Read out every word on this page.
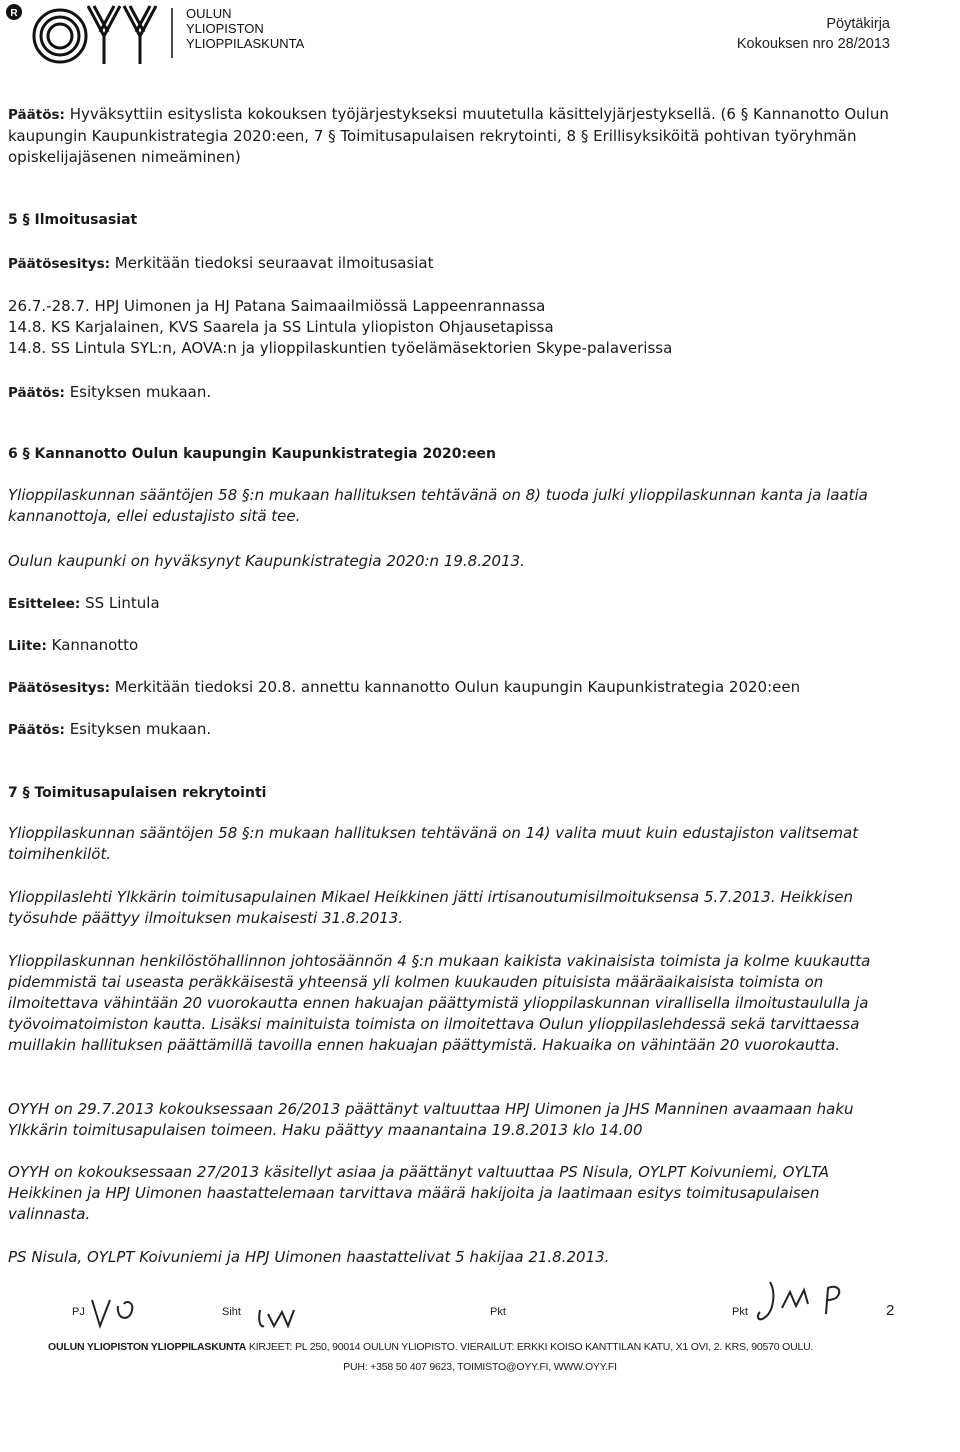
R	OULUN
YLIOPISTON
YLIOPPILASKUNTA
Pöytäkirja
Kokouksen nro 28/2013
Päätös: Hyväksyttiin esityslista kokouksen työjärjestykseksi muutetulla käsittelyjärjestyksellä. (6 § Kannanotto Oulun kaupungin Kaupunkistrategia 2020:een, 7 § Toimitusapulaisen rekrytointi, 8 § Erillisyksiköitä pohtivan työryhmän opiskelijajäsenen nimeäminen)
5 § Ilmoitusasiat
Päätösesitys: Merkitään tiedoksi seuraavat ilmoitusasiat
26.7.-28.7. HPJ Uimonen ja HJ Patana Saimaailmiössä Lappeenrannassa
14.8. KS Karjalainen, KVS Saarela ja SS Lintula yliopiston Ohjausetapissa
14.8. SS Lintula SYL:n, AOVA:n ja ylioppilaskuntien työelämäsektorien Skype-palaverissa
Päätös: Esityksen mukaan.
6 § Kannanotto Oulun kaupungin Kaupunkistrategia 2020:een
Ylioppilaskunnan sääntöjen 58 §:n mukaan hallituksen tehtävänä on 8) tuoda julki ylioppilaskunnan kanta ja laatia kannanottoja, ellei edustajisto sitä tee.
Oulun kaupunki on hyväksynyt Kaupunkistrategia 2020:n 19.8.2013.
Esittelee: SS Lintula
Liite: Kannanotto
Päätösesitys: Merkitään tiedoksi 20.8. annettu kannanotto Oulun kaupungin Kaupunkistrategia 2020:een
Päätös: Esityksen mukaan.
7 § Toimitusapulaisen rekrytointi
Ylioppilaskunnan sääntöjen 58 §:n mukaan hallituksen tehtävänä on 14) valita muut kuin edustajiston valitsemat toimihenkilöt.
Ylioppilaslehti Ylkkärin toimitusapulainen Mikael Heikkinen jätti irtisanoutumisilmoituksensa 5.7.2013. Heikkisen työsuhde päättyy ilmoituksen mukaisesti 31.8.2013.
Ylioppilaskunnan henkilöstöhallinnon johtosäännön 4 §:n mukaan kaikista vakinaisista toimista ja kolme kuukautta pidemmistä tai useasta peräkkäisestä yhteensä yli kolmen kuukauden pituisista määräaikaisista toimista on ilmoitettava vähintään 20 vuorokautta ennen hakuajan päättymistä ylioppilaskunnan virallisella ilmoitustaululla ja työvoimatoimiston kautta. Lisäksi mainituista toimista on ilmoitettava Oulun ylioppilaslehdessä sekä tarvittaessa muillakin hallituksen päättämillä tavoilla ennen hakuajan päättymistä. Hakuaika on vähintään 20 vuorokautta.
OYYH on 29.7.2013 kokouksessaan 26/2013 päättänyt valtuuttaa HPJ Uimonen ja JHS Manninen avaamaan haku Ylkkärin toimitusapulaisen toimeen. Haku päättyy maanantaina 19.8.2013 klo 14.00
OYYH on kokouksessaan 27/2013 käsitellyt asiaa ja päättänyt valtuuttaa PS Nisula, OYLPT Koivuniemi, OYLTA Heikkinen ja HPJ Uimonen haastattelemaan tarvittava määrä hakijoita ja laatimaan esitys toimitusapulaisen valinnasta.
PS Nisula, OYLPT Koivuniemi ja HPJ Uimonen haastattelivat 5 hakijaa 21.8.2013.
PJ	Siht	Pkt	Pkt	2
OULUN YLIOPISTON YLIOPPILASKUNTA KIRJEET: PL 250, 90014 OULUN YLIOPISTO. VIERAILUT: ERKKI KOISO KANTTILAN KATU, X1 OVI, 2. KRS, 90570 OULU.
PUH: +358 50 407 9623, TOIMISTO@OYY.FI, WWW.OYY.FI
